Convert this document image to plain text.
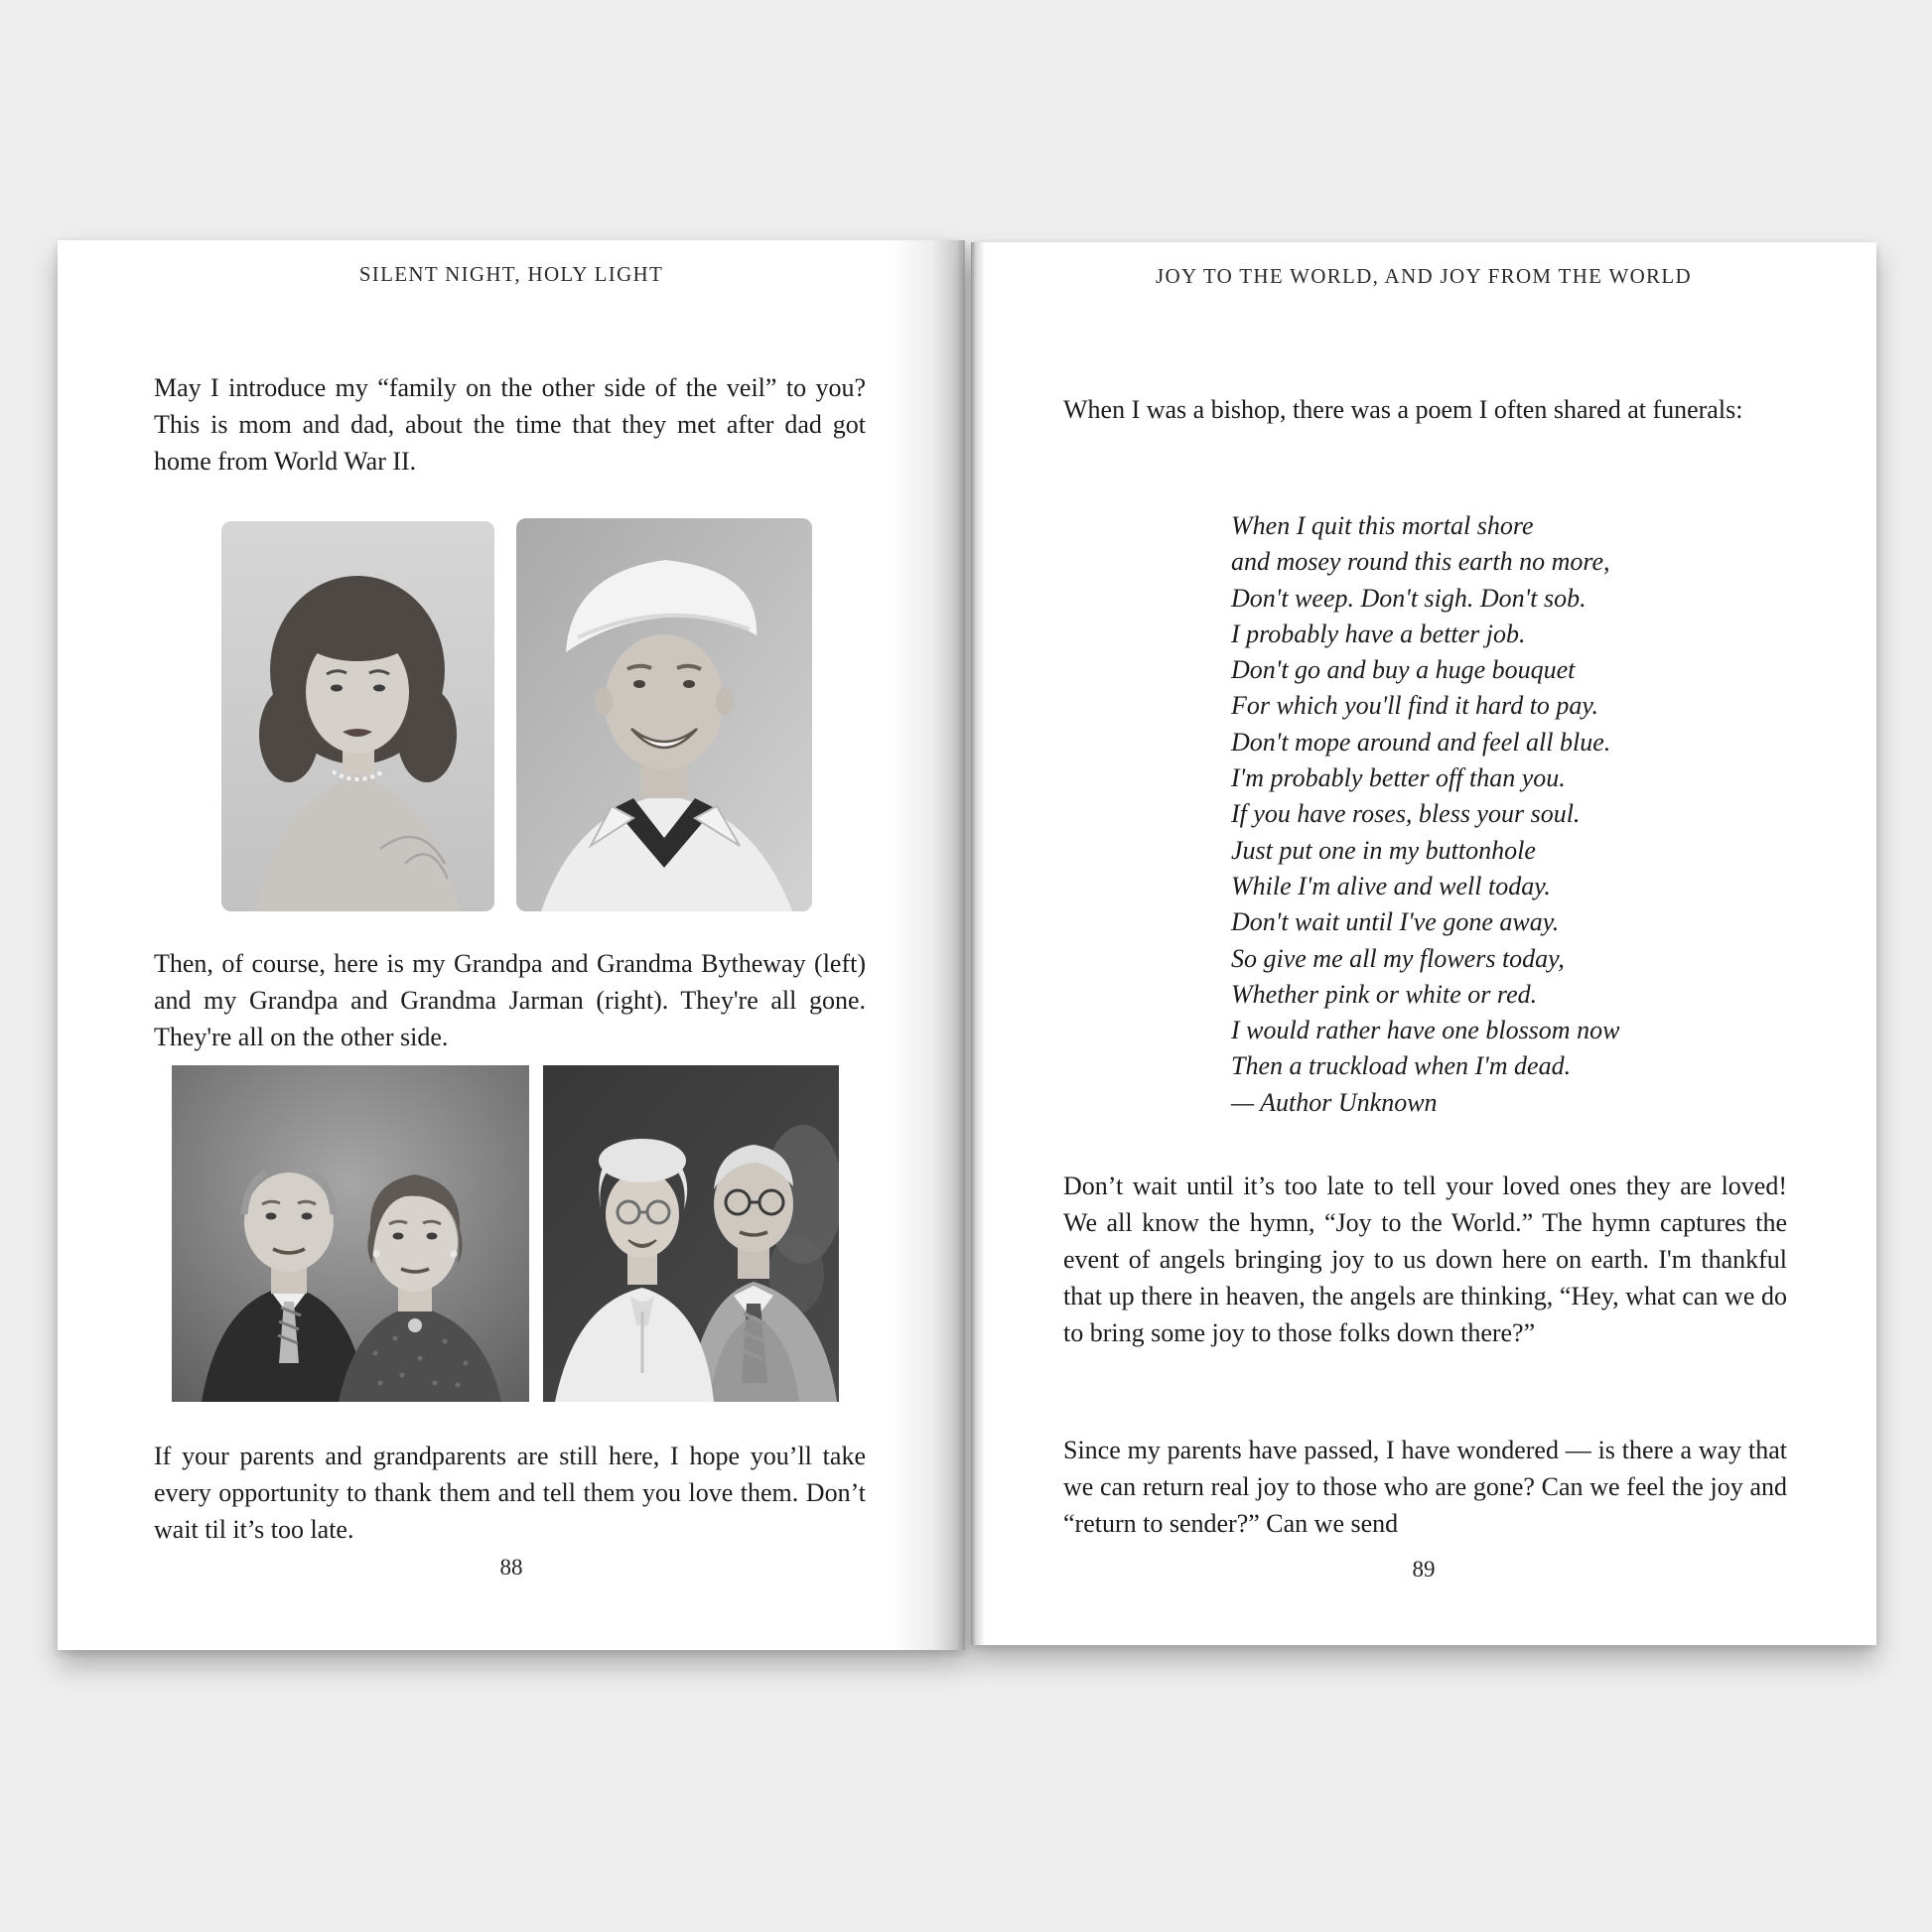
SILENT NIGHT, HOLY LIGHT
May I introduce my “family on the other side of the veil” to you? This is mom and dad, about the time that they met after dad got home from World War II.
Then, of course, here is my Grandpa and Grandma Bytheway (left) and my Grandpa and Grandma Jarman (right). They're all gone. They're all on the other side.
If your parents and grandparents are still here, I hope you’ll take every opportunity to thank them and tell them you love them. Don’t wait til it’s too late.
88
JOY TO THE WORLD, AND JOY FROM THE WORLD
When I was a bishop, there was a poem I often shared at funerals:
When I quit this mortal shore
and mosey round this earth no more,
Don't weep. Don't sigh. Don't sob.
I probably have a better job.
Don't go and buy a huge bouquet
For which you'll find it hard to pay.
Don't mope around and feel all blue.
I'm probably better off than you.
If you have roses, bless your soul.
Just put one in my buttonhole
While I'm alive and well today.
Don't wait until I've gone away.
So give me all my flowers today,
Whether pink or white or red.
I would rather have one blossom now
Then a truckload when I'm dead.
— Author Unknown
Don’t wait until it’s too late to tell your loved ones they are loved! We all know the hymn, “Joy to the World.” The hymn captures the event of angels bringing joy to us down here on earth. I'm thankful that up there in heaven, the angels are thinking, “Hey, what can we do to bring some joy to those folks down there?”
Since my parents have passed, I have wondered — is there a way that we can return real joy to those who are gone? Can we feel the joy and “return to sender?” Can we send
89
